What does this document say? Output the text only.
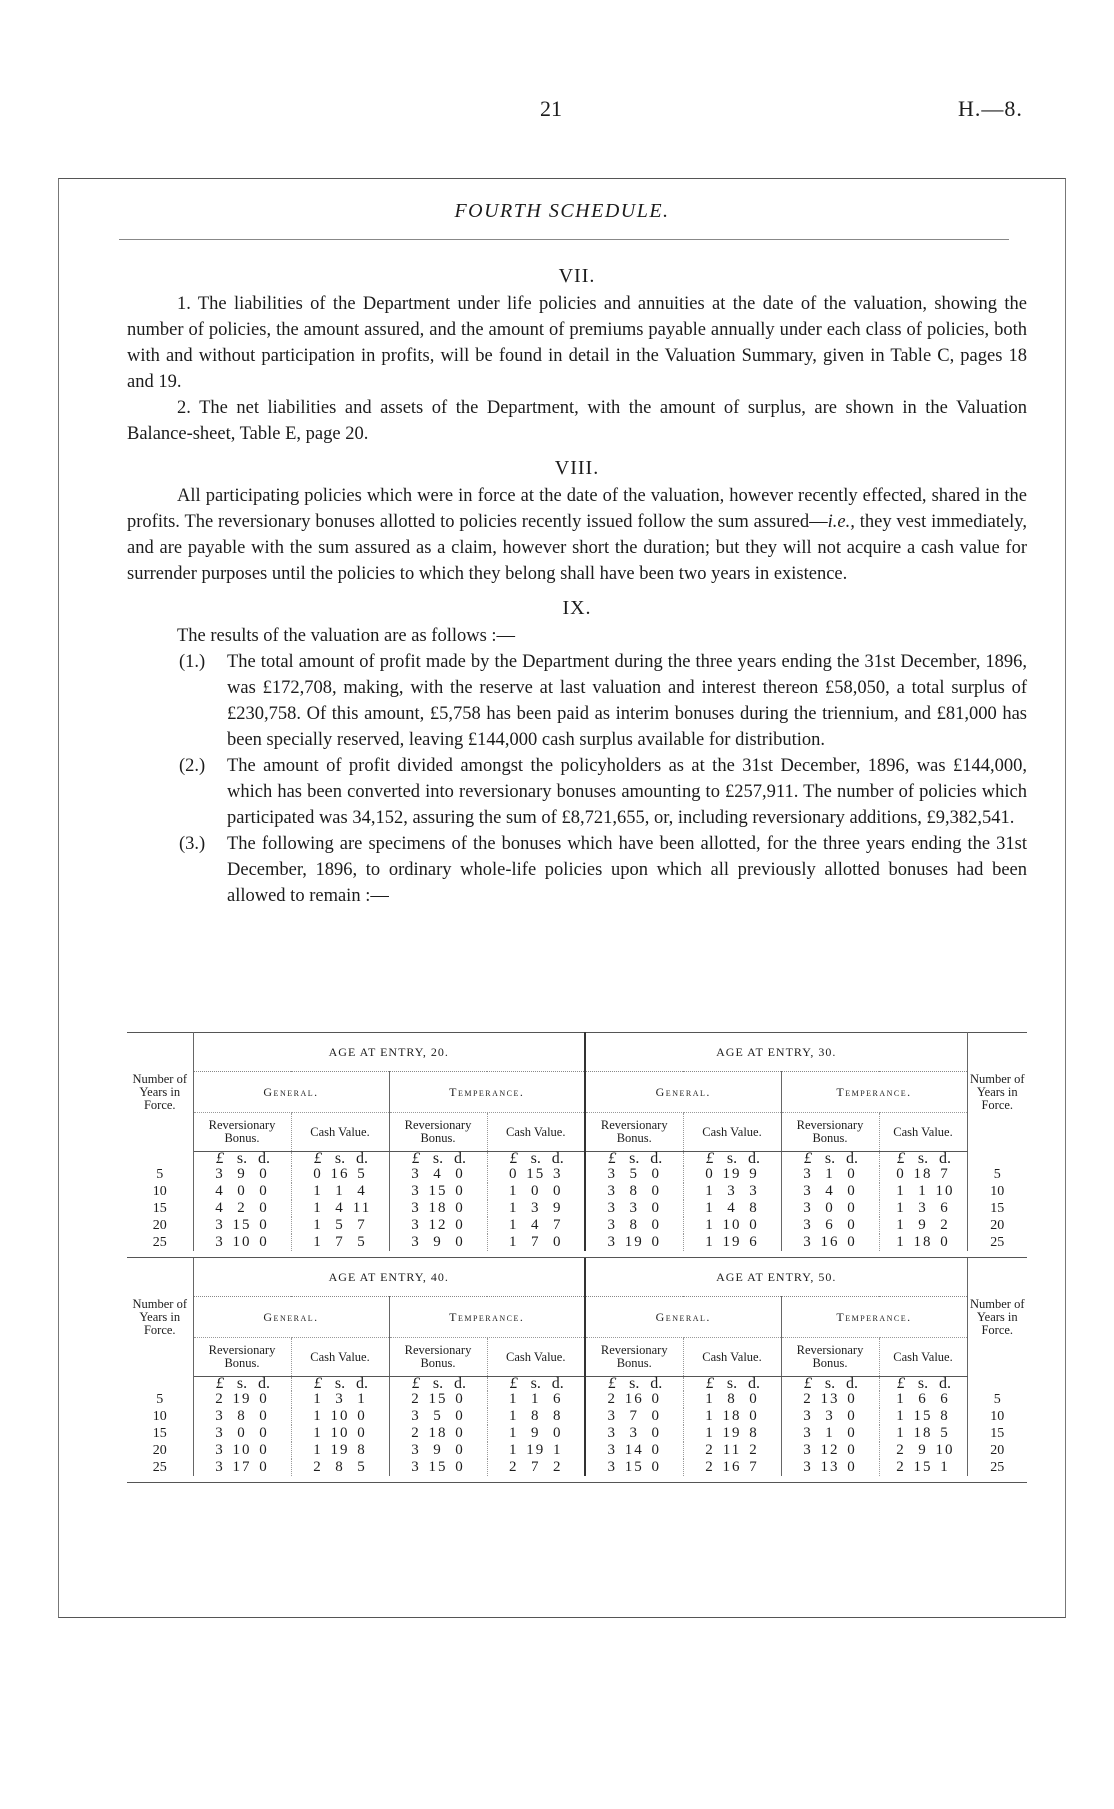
21	H.—8.
FOURTH SCHEDULE.
VII.

1. The liabilities of the Department under life policies and annuities at the date of the valuation, showing the number of policies, the amount assured, and the amount of premiums payable annually under each class of policies, both with and without participation in profits, will be found in detail in the Valuation Summary, given in Table C, pages 18 and 19.

2. The net liabilities and assets of the Department, with the amount of surplus, are shown in the Valuation Balance-sheet, Table E, page 20.

VIII.

All participating policies which were in force at the date of the valuation, however recently effected, shared in the profits. The reversionary bonuses allotted to policies recently issued follow the sum assured—i.e., they vest immediately, and are payable with the sum assured as a claim, however short the duration; but they will not acquire a cash value for surrender purposes until the policies to which they belong shall have been two years in existence.

IX.

The results of the valuation are as follows :—

(1.)	The total amount of profit made by the Department during the three years ending the 31st December, 1896, was £172,708, making, with the reserve at last valuation and interest thereon £58,050, a total surplus of £230,758. Of this amount, £5,758 has been paid as interim bonuses during the triennium, and £81,000 has been specially reserved, leaving £144,000 cash surplus available for distribution.
(2.)	The amount of profit divided amongst the policyholders as at the 31st December, 1896, was £144,000, which has been converted into reversionary bonuses amounting to £257,911. The number of policies which participated was 34,152, assuring the sum of £8,721,655, or, including reversionary additions, £9,382,541.
(3.)	The following are specimens of the bonuses which have been allotted, for the three years ending the 31st December, 1896, to ordinary whole-life policies upon which all previously allotted bonuses had been allowed to remain :—
Number of Years in Force.	AGE AT ENTRY, 20.				AGE AT ENTRY, 30.				Number of Years in Force.
	General.		Temperance.		General.		Temperance.		
	Reversionary Bonus.	Cash Value.	Reversionary Bonus.	Cash Value.	Reversionary Bonus.	Cash Value.	Reversionary Bonus.	Cash Value.	

	£ s. d.	£ s. d.	£ s. d.	£ s. d.	£ s. d.	£ s. d.	£ s. d.	£ s. d.	

5	3 9 0	0 16 5	3 4 0	0 15 3	3 5 0	0 19 9	3 1 0	0 18 7	5
10	4 0 0	1 1 4	3 15 0	1 0 0	3 8 0	1 3 3	3 4 0	1 1 10	10
15	4 2 0	1 4 11	3 18 0	1 3 9	3 3 0	1 4 8	3 0 0	1 3 6	15
20	3 15 0	1 5 7	3 12 0	1 4 7	3 8 0	1 10 0	3 6 0	1 9 2	20
25	3 10 0	1 7 5	3 9 0	1 7 0	3 19 0	1 19 6	3 16 0	1 18 0	25

Number of Years in Force.	AGE AT ENTRY, 40.				AGE AT ENTRY, 50.				Number of Years in Force.
	General.		Temperance.		General.		Temperance.		
	Reversionary Bonus.	Cash Value.	Reversionary Bonus.	Cash Value.	Reversionary Bonus.	Cash Value.	Reversionary Bonus.	Cash Value.	

	£ s. d.	£ s. d.	£ s. d.	£ s. d.	£ s. d.	£ s. d.	£ s. d.	£ s. d.	

5	2 19 0	1 3 1	2 15 0	1 1 6	2 16 0	1 8 0	2 13 0	1 6 6	5
10	3 8 0	1 10 0	3 5 0	1 8 8	3 7 0	1 18 0	3 3 0	1 15 8	10
15	3 0 0	1 10 0	2 18 0	1 9 0	3 3 0	1 19 8	3 1 0	1 18 5	15
20	3 10 0	1 19 8	3 9 0	1 19 1	3 14 0	2 11 2	3 12 0	2 9 10	20
25	3 17 0	2 8 5	3 15 0	2 7 2	3 15 0	2 16 7	3 13 0	2 15 1	25
